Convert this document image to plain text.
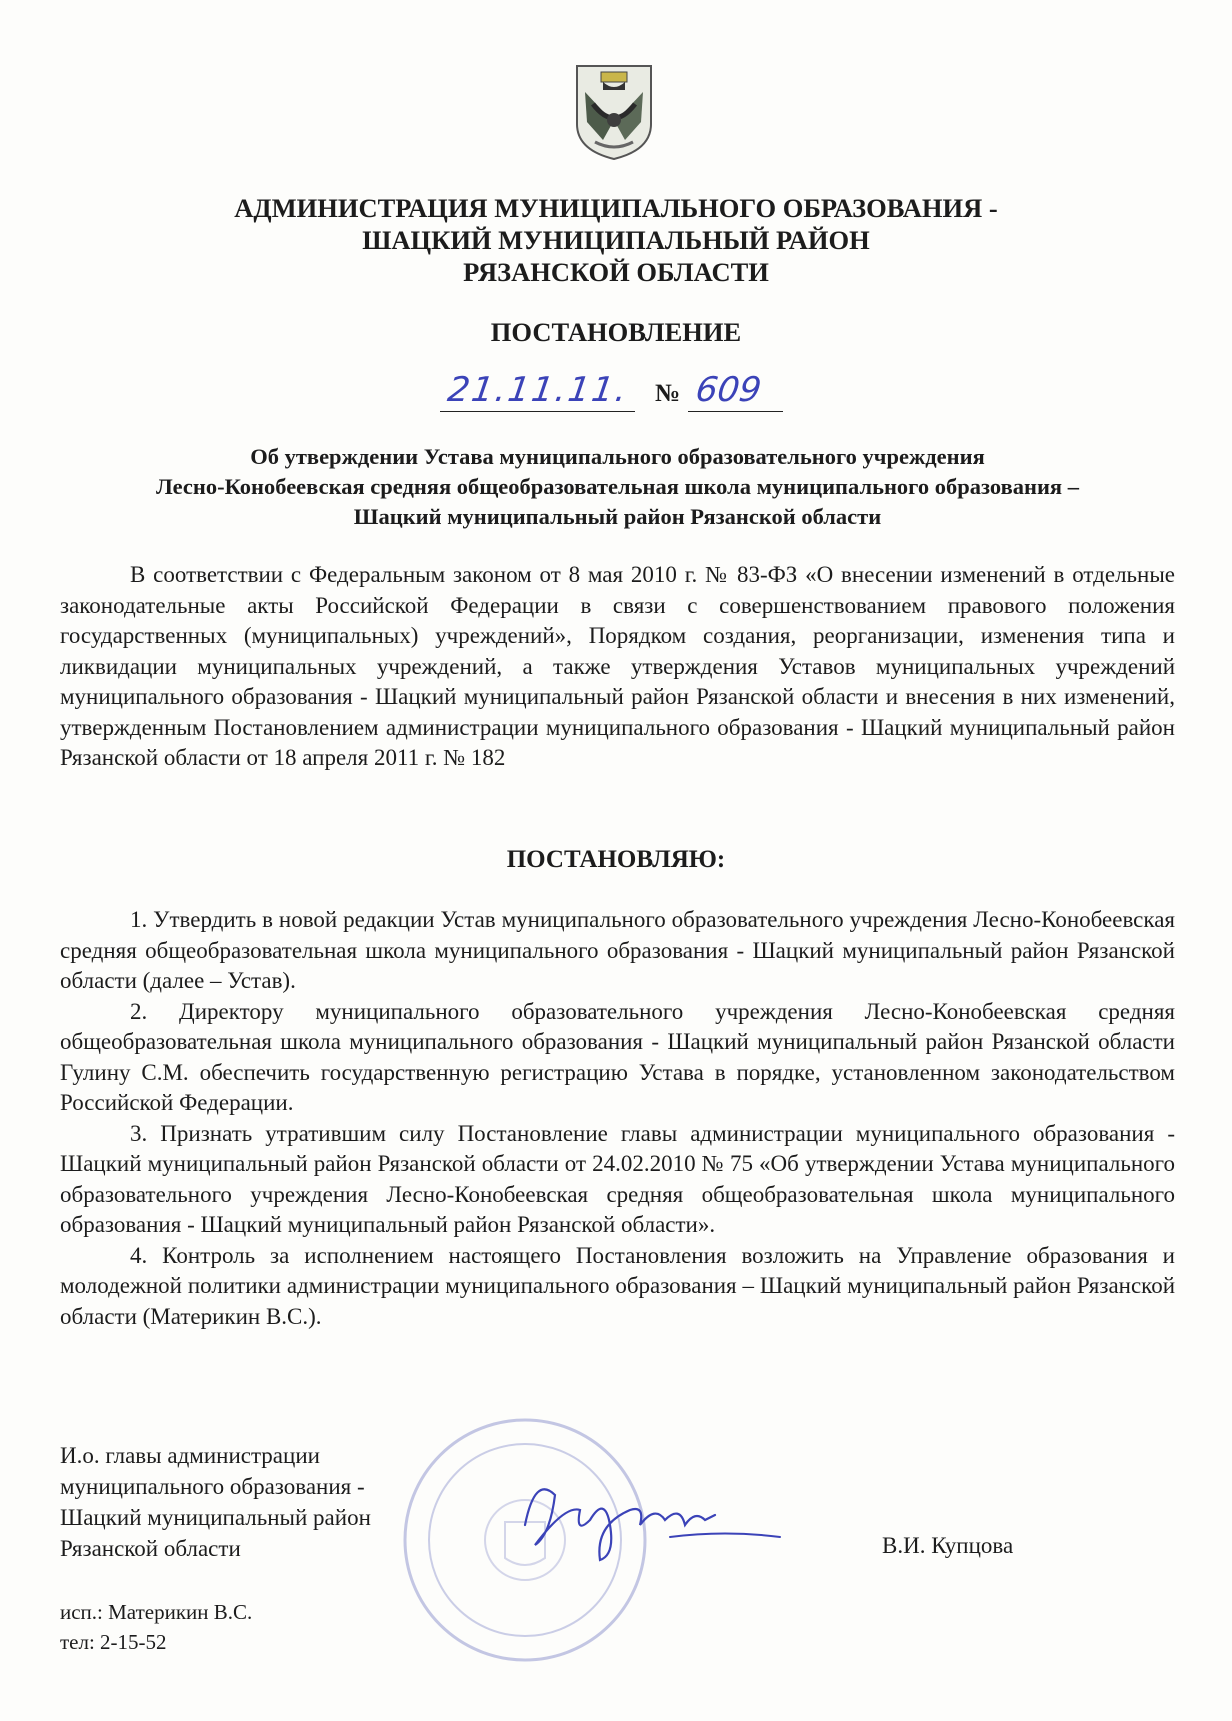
АДМИНИСТРАЦИЯ МУНИЦИПАЛЬНОГО ОБРАЗОВАНИЯ -
ШАЦКИЙ МУНИЦИПАЛЬНЫЙ РАЙОН
РЯЗАНСКОЙ ОБЛАСТИ
ПОСТАНОВЛЕНИЕ
21.11.11. № 609
Об утверждении Устава муниципального образовательного учреждения
Лесно-Конобеевская средняя общеобразовательная школа муниципального образования –
Шацкий муниципальный район Рязанской области
В соответствии с Федеральным законом от 8 мая 2010 г. № 83-ФЗ «О внесении изменений в отдельные законодательные акты Российской Федерации в связи с совершенствованием правового положения государственных (муниципальных) учреждений», Порядком создания, реорганизации, изменения типа и ликвидации муниципальных учреждений, а также утверждения Уставов муниципальных учреждений муниципального образования - Шацкий муниципальный район Рязанской области и внесения в них изменений, утвержденным Постановлением администрации муниципального образования - Шацкий муниципальный район Рязанской области от 18 апреля 2011 г. № 182
ПОСТАНОВЛЯЮ:

1. Утвердить в новой редакции Устав муниципального образовательного учреждения Лесно-Конобеевская средняя общеобразовательная школа муниципального образования - Шацкий муниципальный район Рязанской области (далее – Устав).

2. Директору муниципального образовательного учреждения Лесно-Конобеевская средняя общеобразовательная школа муниципального образования - Шацкий муниципальный район Рязанской области Гулину С.М. обеспечить государственную регистрацию Устава в порядке, установленном законодательством Российской Федерации.

3. Признать утратившим силу Постановление главы администрации муниципального образования - Шацкий муниципальный район Рязанской области от 24.02.2010 № 75 «Об утверждении Устава муниципального образовательного учреждения Лесно-Конобеевская средняя общеобразовательная школа муниципального образования - Шацкий муниципальный район Рязанской области».

4. Контроль за исполнением настоящего Постановления возложить на Управление образования и молодежной политики администрации муниципального образования – Шацкий муниципальный район Рязанской области (Материкин В.С.).

И.о. главы администрации
муниципального образования -
Шацкий муниципальный район
Рязанской области	В.И. Купцова
исп.: Материкин В.С.
тел: 2-15-52
